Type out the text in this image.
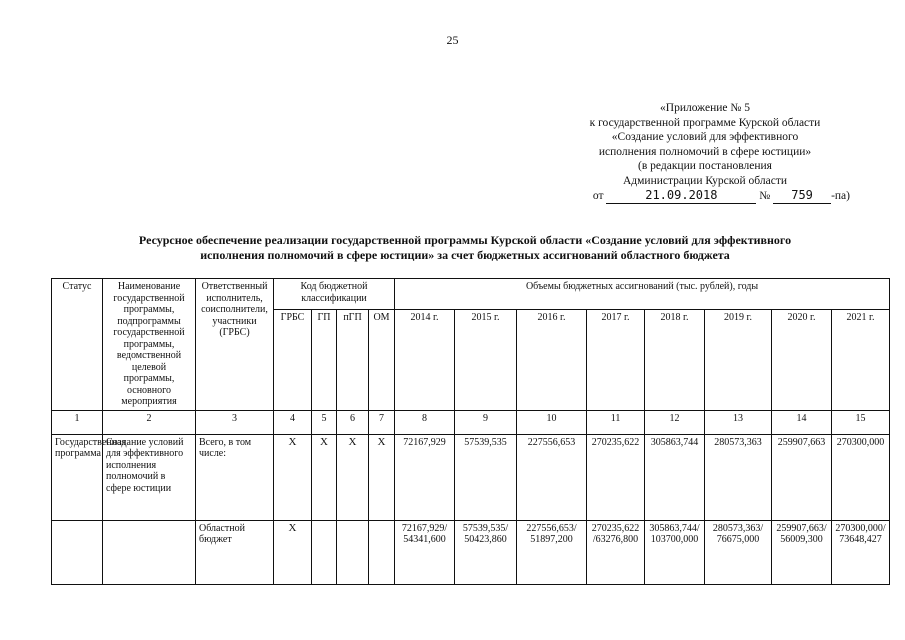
25
«Приложение № 5
к государственной программе Курской области
«Создание условий для эффективного
исполнения полномочий в сфере юстиции»
(в редакции постановления
Администрации Курской области
от	21.09.2018	№ 759 -па)
Ресурсное обеспечение реализации государственной программы Курской области «Создание условий для эффективного
исполнения полномочий в сфере юстиции» за счет бюджетных ассигнований областного бюджета
Статус	Наименование государственной программы, подпрограммы государственной программы, ведомственной целевой программы, основного мероприятия	Ответственный исполнитель, соисполнители, участники (ГРБС)	Код бюджетной классификации				Объемы бюджетных ассигнований (тыс. рублей), годы							
			ГРБС	ГП	пГП	ОМ	2014 г.	2015 г.	2016 г.	2017 г.	2018 г.	2019 г.	2020 г.	2021 г.
1	2	3	4	5	6	7	8	9	10	11	12	13	14	15
Государственная программа	Создание условий для эффективного исполнения полномочий в сфере юстиции	Всего, в том числе:	Х	Х	Х	Х	72167,929	57539,535	227556,653	270235,622	305863,744	280573,363	259907,663	270300,000
		Областной бюджет	Х				72167,929/ 54341,600	57539,535/ 50423,860	227556,653/ 51897,200	270235,622 /63276,800	305863,744/ 103700,000	280573,363/ 76675,000	259907,663/ 56009,300	270300,000/ 73648,427
